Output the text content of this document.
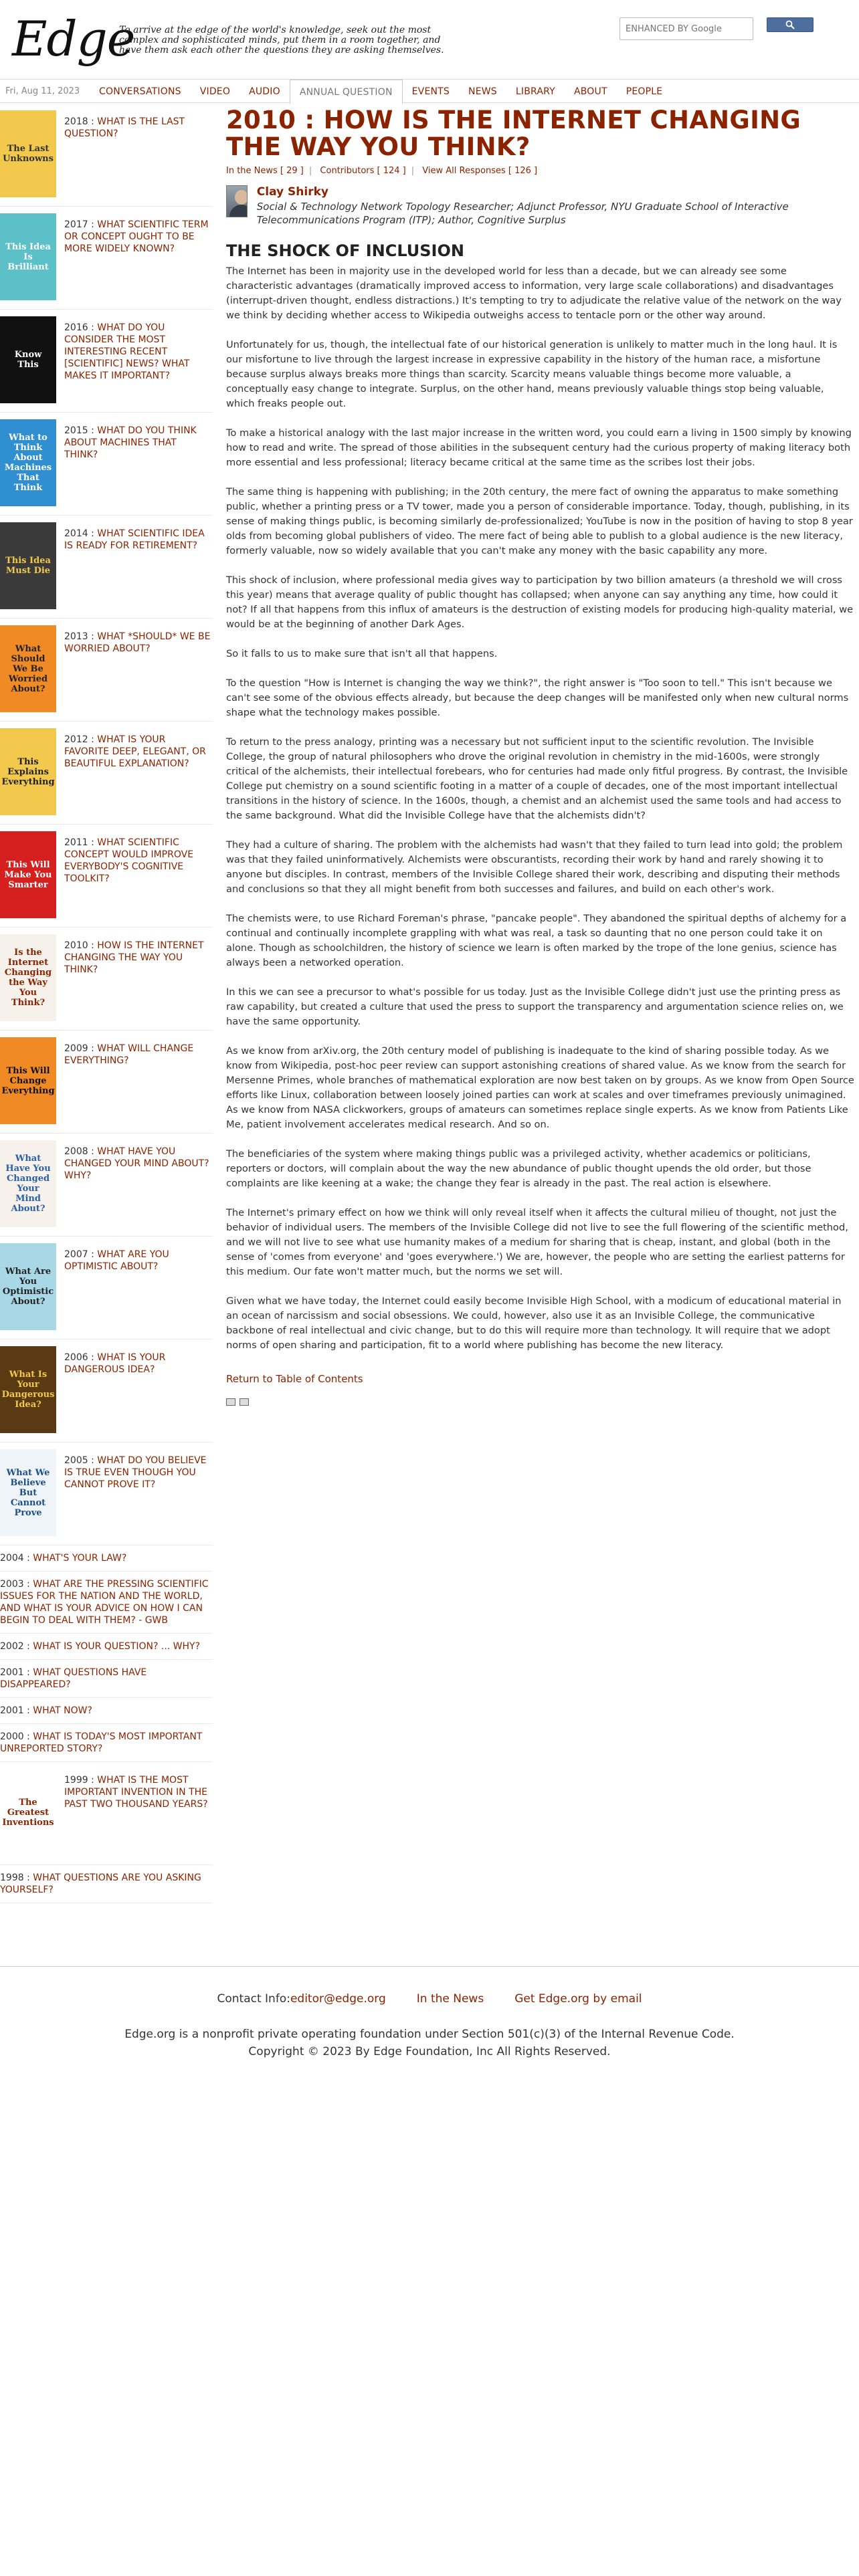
Edge
To arrive at the edge of the world's knowledge, seek out the most complex and sophisticated minds, put them in a room together, and have them ask each other the questions they are asking themselves.
ENHANCED BY Google
Fri, Aug 11, 2023	CONVERSATIONS	VIDEO	AUDIO	ANNUAL QUESTION	EVENTS	NEWS	LIBRARY	ABOUT	PEOPLE
The Last Unknowns
2018 : WHAT IS THE LAST QUESTION?
This Idea Is Brilliant
2017 : WHAT SCIENTIFIC TERM OR CONCEPT OUGHT TO BE MORE WIDELY KNOWN?
Know This
2016 : WHAT DO YOU CONSIDER THE MOST INTERESTING RECENT [SCIENTIFIC] NEWS? WHAT MAKES IT IMPORTANT?
What to Think About Machines That Think
2015 : WHAT DO YOU THINK ABOUT MACHINES THAT THINK?
This Idea Must Die
2014 : WHAT SCIENTIFIC IDEA IS READY FOR RETIREMENT?
What Should We Be Worried About?
2013 : WHAT *SHOULD* WE BE WORRIED ABOUT?
This Explains Everything
2012 : WHAT IS YOUR FAVORITE DEEP, ELEGANT, OR BEAUTIFUL EXPLANATION?
This Will Make You Smarter
2011 : WHAT SCIENTIFIC CONCEPT WOULD IMPROVE EVERYBODY'S COGNITIVE TOOLKIT?
Is the Internet Changing the Way You Think?
2010 : HOW IS THE INTERNET CHANGING THE WAY YOU THINK?
This Will Change Everything
2009 : WHAT WILL CHANGE EVERYTHING?
What Have You Changed Your Mind About?
2008 : WHAT HAVE YOU CHANGED YOUR MIND ABOUT? WHY?
What Are You Optimistic About?
2007 : WHAT ARE YOU OPTIMISTIC ABOUT?
What Is Your Dangerous Idea?
2006 : WHAT IS YOUR DANGEROUS IDEA?
What We Believe But Cannot Prove
2005 : WHAT DO YOU BELIEVE IS TRUE EVEN THOUGH YOU CANNOT PROVE IT?
2004 : WHAT'S YOUR LAW?
2003 : WHAT ARE THE PRESSING SCIENTIFIC ISSUES FOR THE NATION AND THE WORLD, AND WHAT IS YOUR ADVICE ON HOW I CAN BEGIN TO DEAL WITH THEM? - GWB
2002 : WHAT IS YOUR QUESTION? ... WHY?
2001 : WHAT QUESTIONS HAVE DISAPPEARED?
2001 : WHAT NOW?
2000 : WHAT IS TODAY'S MOST IMPORTANT UNREPORTED STORY?
The Greatest Inventions
1999 : WHAT IS THE MOST IMPORTANT INVENTION IN THE PAST TWO THOUSAND YEARS?
1998 : WHAT QUESTIONS ARE YOU ASKING YOURSELF?
2010 : HOW IS THE INTERNET CHANGING THE WAY YOU THINK?
In the News [ 29 ] | Contributors [ 124 ] | View All Responses [ 126 ]
Clay Shirky
Social & Technology Network Topology Researcher; Adjunct Professor, NYU Graduate School of Interactive Telecommunications Program (ITP); Author, Cognitive Surplus
THE SHOCK OF INCLUSION

The Internet has been in majority use in the developed world for less than a decade, but we can already see some characteristic advantages (dramatically improved access to information, very large scale collaborations) and disadvantages (interrupt-driven thought, endless distractions.) It's tempting to try to adjudicate the relative value of the network on the way we think by deciding whether access to Wikipedia outweighs access to tentacle porn or the other way around.

Unfortunately for us, though, the intellectual fate of our historical generation is unlikely to matter much in the long haul. It is our misfortune to live through the largest increase in expressive capability in the history of the human race, a misfortune because surplus always breaks more things than scarcity. Scarcity means valuable things become more valuable, a conceptually easy change to integrate. Surplus, on the other hand, means previously valuable things stop being valuable, which freaks people out.

To make a historical analogy with the last major increase in the written word, you could earn a living in 1500 simply by knowing how to read and write. The spread of those abilities in the subsequent century had the curious property of making literacy both more essential and less professional; literacy became critical at the same time as the scribes lost their jobs.

The same thing is happening with publishing; in the 20th century, the mere fact of owning the apparatus to make something public, whether a printing press or a TV tower, made you a person of considerable importance. Today, though, publishing, in its sense of making things public, is becoming similarly de-professionalized; YouTube is now in the position of having to stop 8 year olds from becoming global publishers of video. The mere fact of being able to publish to a global audience is the new literacy, formerly valuable, now so widely available that you can't make any money with the basic capability any more.

This shock of inclusion, where professional media gives way to participation by two billion amateurs (a threshold we will cross this year) means that average quality of public thought has collapsed; when anyone can say anything any time, how could it not? If all that happens from this influx of amateurs is the destruction of existing models for producing high-quality material, we would be at the beginning of another Dark Ages.

So it falls to us to make sure that isn't all that happens.

To the question "How is Internet is changing the way we think?", the right answer is "Too soon to tell." This isn't because we can't see some of the obvious effects already, but because the deep changes will be manifested only when new cultural norms shape what the technology makes possible.

To return to the press analogy, printing was a necessary but not sufficient input to the scientific revolution. The Invisible College, the group of natural philosophers who drove the original revolution in chemistry in the mid-1600s, were strongly critical of the alchemists, their intellectual forebears, who for centuries had made only fitful progress. By contrast, the Invisible College put chemistry on a sound scientific footing in a matter of a couple of decades, one of the most important intellectual transitions in the history of science. In the 1600s, though, a chemist and an alchemist used the same tools and had access to the same background. What did the Invisible College have that the alchemists didn't?

They had a culture of sharing. The problem with the alchemists had wasn't that they failed to turn lead into gold; the problem was that they failed uninformatively. Alchemists were obscurantists, recording their work by hand and rarely showing it to anyone but disciples. In contrast, members of the Invisible College shared their work, describing and disputing their methods and conclusions so that they all might benefit from both successes and failures, and build on each other's work.

The chemists were, to use Richard Foreman's phrase, "pancake people". They abandoned the spiritual depths of alchemy for a continual and continually incomplete grappling with what was real, a task so daunting that no one person could take it on alone. Though as schoolchildren, the history of science we learn is often marked by the trope of the lone genius, science has always been a networked operation.

In this we can see a precursor to what's possible for us today. Just as the Invisible College didn't just use the printing press as raw capability, but created a culture that used the press to support the transparency and argumentation science relies on, we have the same opportunity.

As we know from arXiv.org, the 20th century model of publishing is inadequate to the kind of sharing possible today. As we know from Wikipedia, post-hoc peer review can support astonishing creations of shared value. As we know from the search for Mersenne Primes, whole branches of mathematical exploration are now best taken on by groups. As we know from Open Source efforts like Linux, collaboration between loosely joined parties can work at scales and over timeframes previously unimagined. As we know from NASA clickworkers, groups of amateurs can sometimes replace single experts. As we know from Patients Like Me, patient involvement accelerates medical research. And so on.

The beneficiaries of the system where making things public was a privileged activity, whether academics or politicians, reporters or doctors, will complain about the way the new abundance of public thought upends the old order, but those complaints are like keening at a wake; the change they fear is already in the past. The real action is elsewhere.

The Internet's primary effect on how we think will only reveal itself when it affects the cultural milieu of thought, not just the behavior of individual users. The members of the Invisible College did not live to see the full flowering of the scientific method, and we will not live to see what use humanity makes of a medium for sharing that is cheap, instant, and global (both in the sense of 'comes from everyone' and 'goes everywhere.') We are, however, the people who are setting the earliest patterns for this medium. Our fate won't matter much, but the norms we set will.

Given what we have today, the Internet could easily become Invisible High School, with a modicum of educational material in an ocean of narcissism and social obsessions. We could, however, also use it as an Invisible College, the communicative backbone of real intellectual and civic change, but to do this will require more than technology. It will require that we adopt norms of open sharing and participation, fit to a world where publishing has become the new literacy.

Return to Table of Contents
Contact Info:editor@edge.org	In the News	Get Edge.org by email
Edge.org is a nonprofit private operating foundation under Section 501(c)(3) of the Internal Revenue Code.
Copyright © 2023 By Edge Foundation, Inc All Rights Reserved.
